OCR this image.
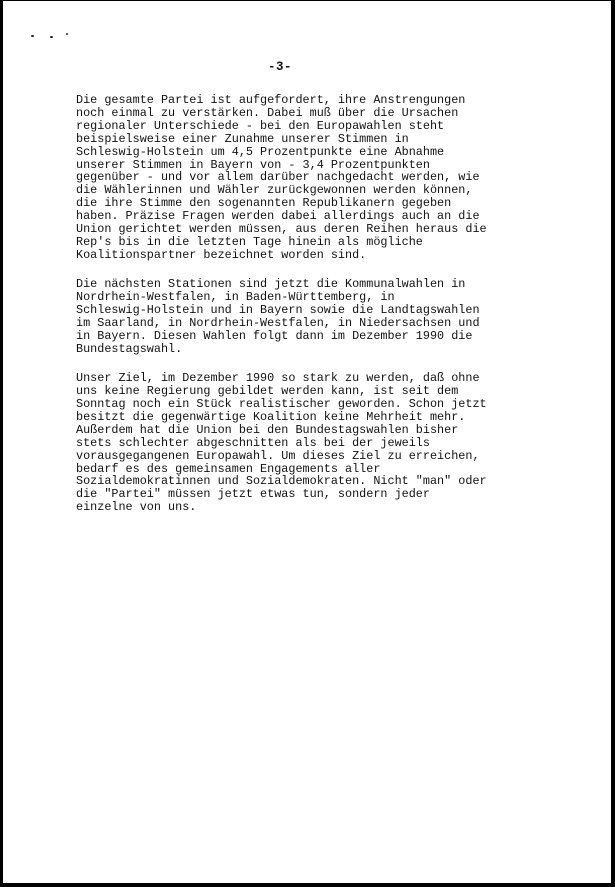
-3-
Die gesamte Partei ist aufgefordert, ihre Anstrengungen
noch einmal zu verstärken. Dabei muß über die Ursachen
regionaler Unterschiede - bei den Europawahlen steht
beispielsweise einer Zunahme unserer Stimmen in
Schleswig-Holstein um 4,5 Prozentpunkte eine Abnahme
unserer Stimmen in Bayern von - 3,4 Prozentpunkten
gegenüber - und vor allem darüber nachgedacht werden, wie
die Wählerinnen und Wähler zurückgewonnen werden können,
die ihre Stimme den sogenannten Republikanern gegeben
haben. Präzise Fragen werden dabei allerdings auch an die
Union gerichtet werden müssen, aus deren Reihen heraus die
Rep's bis in die letzten Tage hinein als mögliche
Koalitionspartner bezeichnet worden sind.
Die nächsten Stationen sind jetzt die Kommunalwahlen in
Nordrhein-Westfalen, in Baden-Württemberg, in
Schleswig-Holstein und in Bayern sowie die Landtagswahlen
im Saarland, in Nordrhein-Westfalen, in Niedersachsen und
in Bayern. Diesen Wahlen folgt dann im Dezember 1990 die
Bundestagswahl.
Unser Ziel, im Dezember 1990 so stark zu werden, daß ohne
uns keine Regierung gebildet werden kann, ist seit dem
Sonntag noch ein Stück realistischer geworden. Schon jetzt
besitzt die gegenwärtige Koalition keine Mehrheit mehr.
Außerdem hat die Union bei den Bundestagswahlen bisher
stets schlechter abgeschnitten als bei der jeweils
vorausgegangenen Europawahl. Um dieses Ziel zu erreichen,
bedarf es des gemeinsamen Engagements aller
Sozialdemokratinnen und Sozialdemokraten. Nicht "man" oder
die "Partei" müssen jetzt etwas tun, sondern jeder
einzelne von uns.
